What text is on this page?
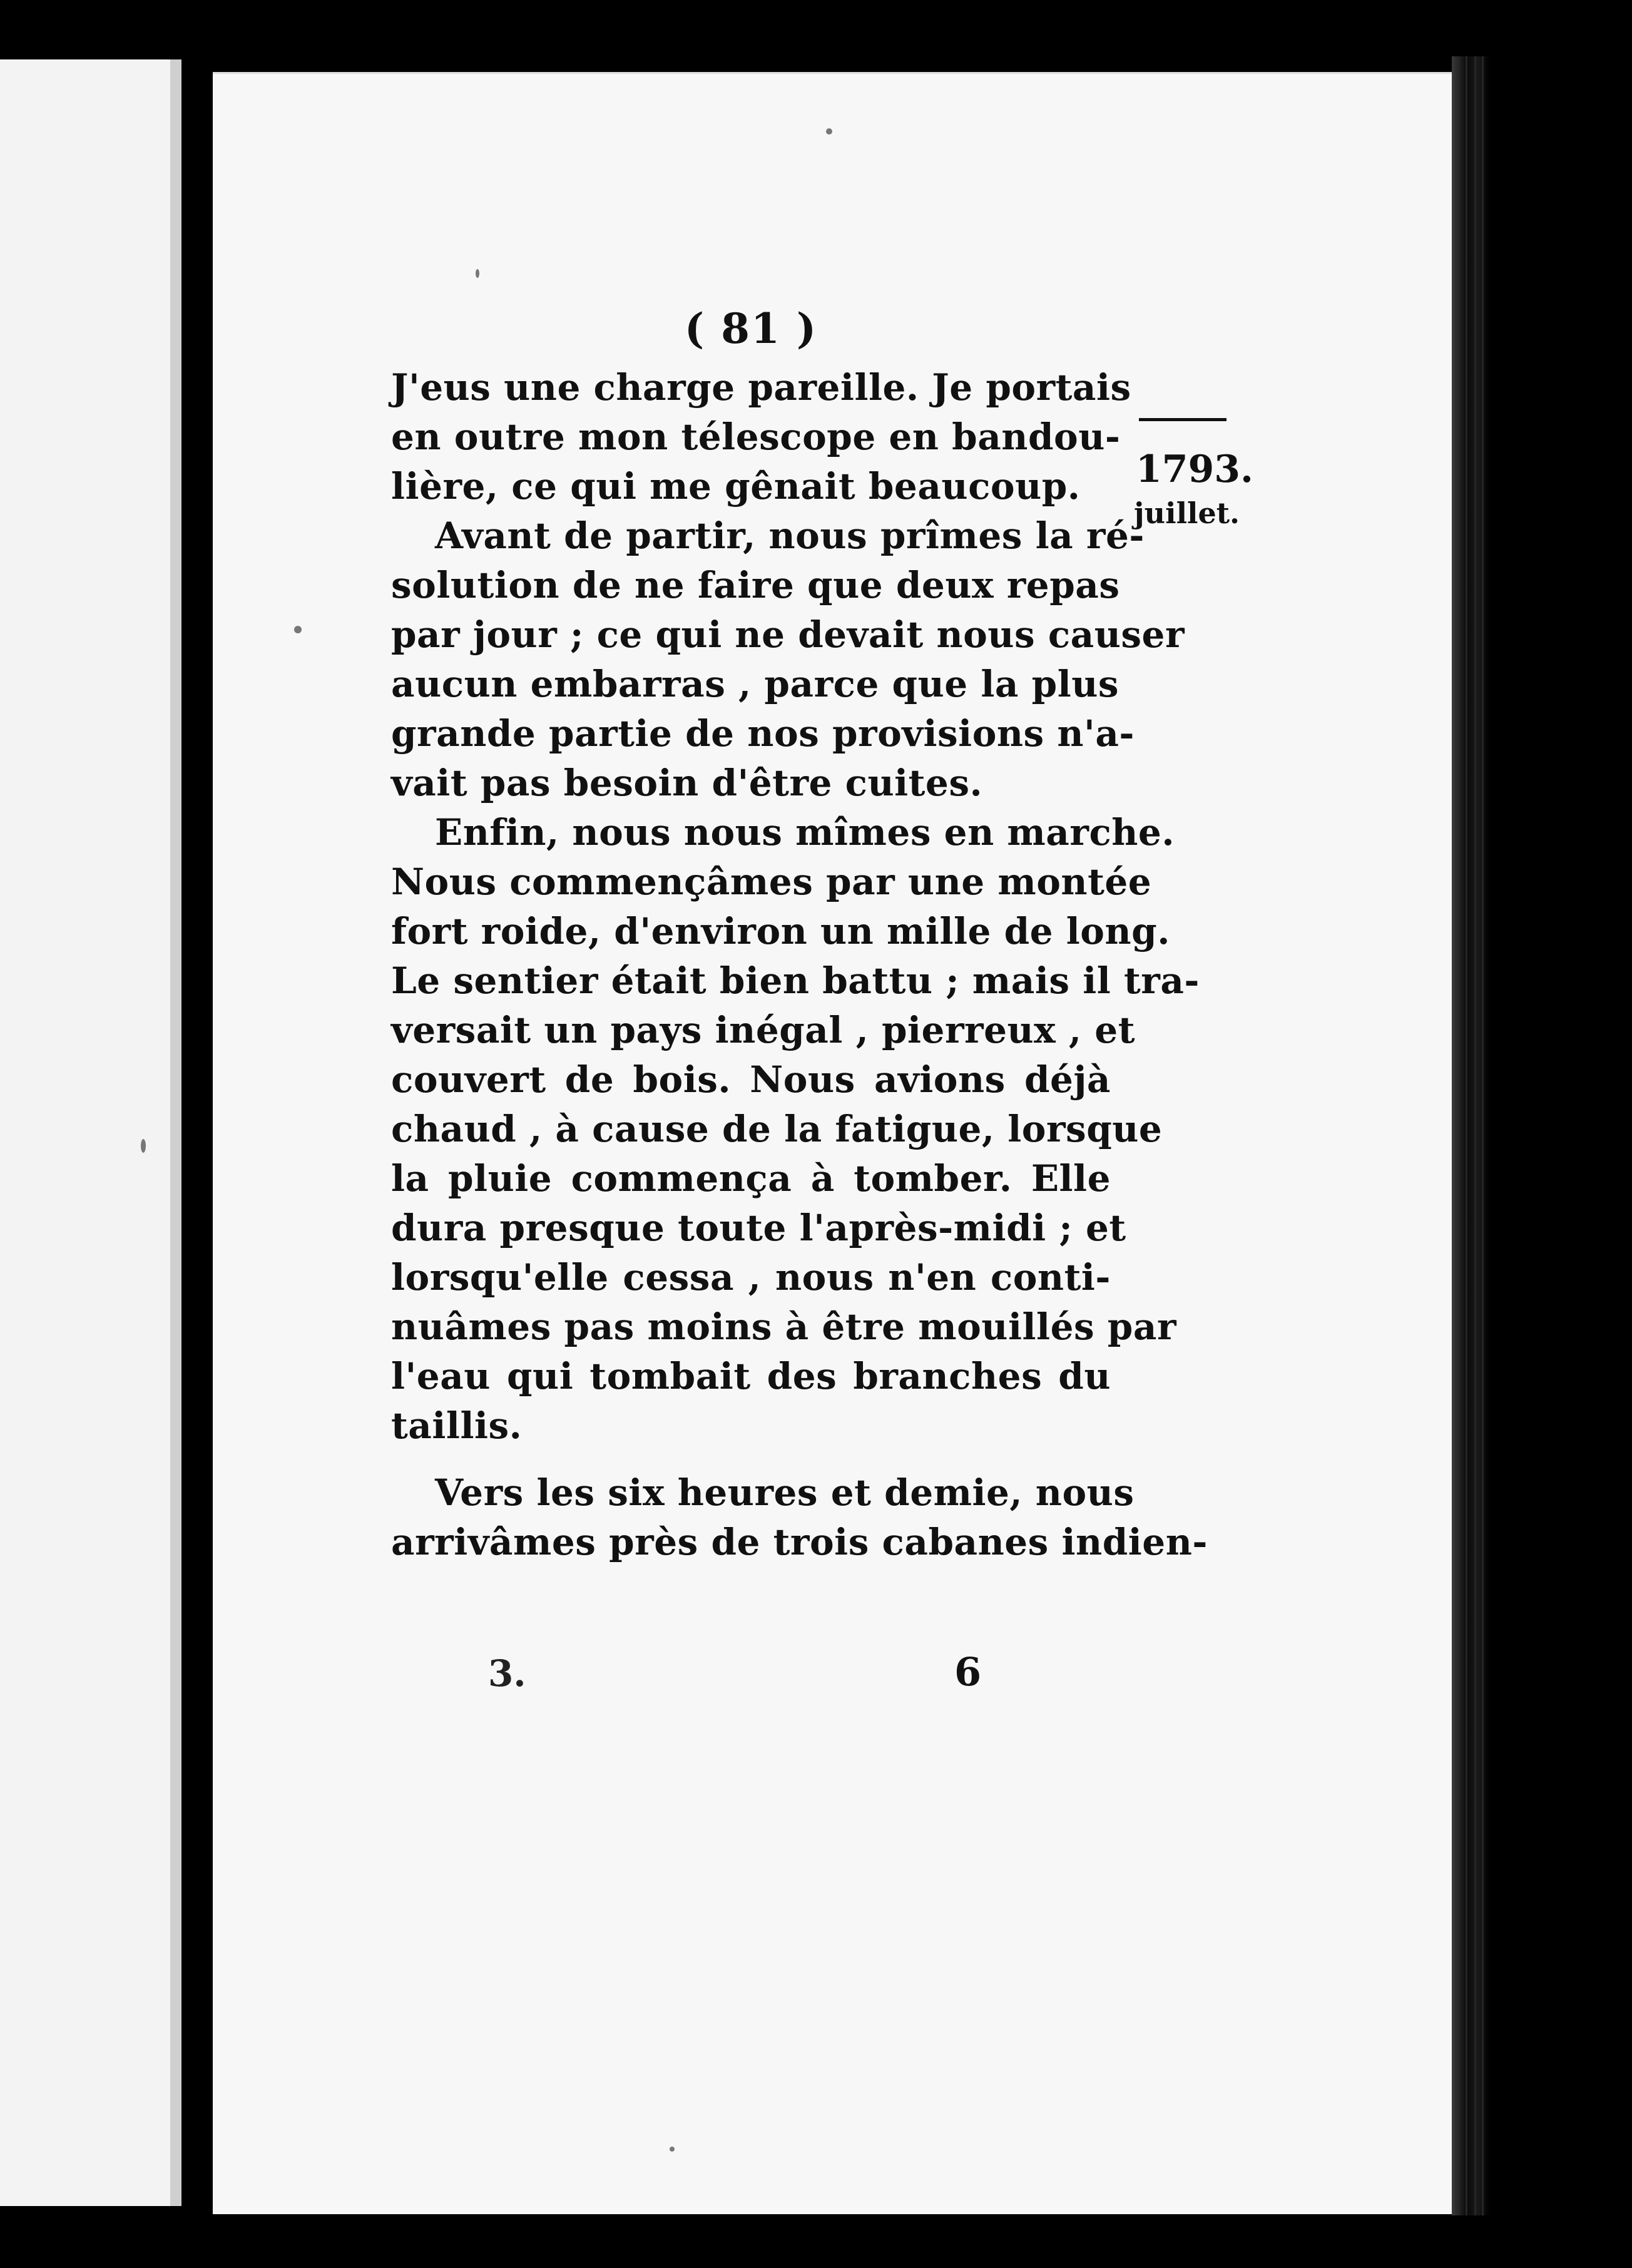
( 81 )
J'eus une charge pareille. Je portais
en outre mon télescope en bandou-
lière, ce qui me gênait beaucoup.
Avant de partir, nous prîmes la ré-
solution de ne faire que deux repas
par jour ; ce qui ne devait nous causer
aucun embarras , parce que la plus
grande partie de nos provisions n'a-
vait pas besoin d'être cuites.
Enfin, nous nous mîmes en marche.
Nous commençâmes par une montée
fort roide, d'environ un mille de long.
Le sentier était bien battu ; mais il tra-
versait un pays inégal , pierreux , et
couvert de bois. Nous avions déjà
chaud , à cause de la fatigue, lorsque
la pluie commença à tomber. Elle
dura presque toute l'après-midi ; et
lorsqu'elle cessa , nous n'en conti-
nuâmes pas moins à être mouillés par
l'eau qui tombait des branches du
taillis.
Vers les six heures et demie, nous
arrivâmes près de trois cabanes indien-
1793.
juillet.
3.	6
